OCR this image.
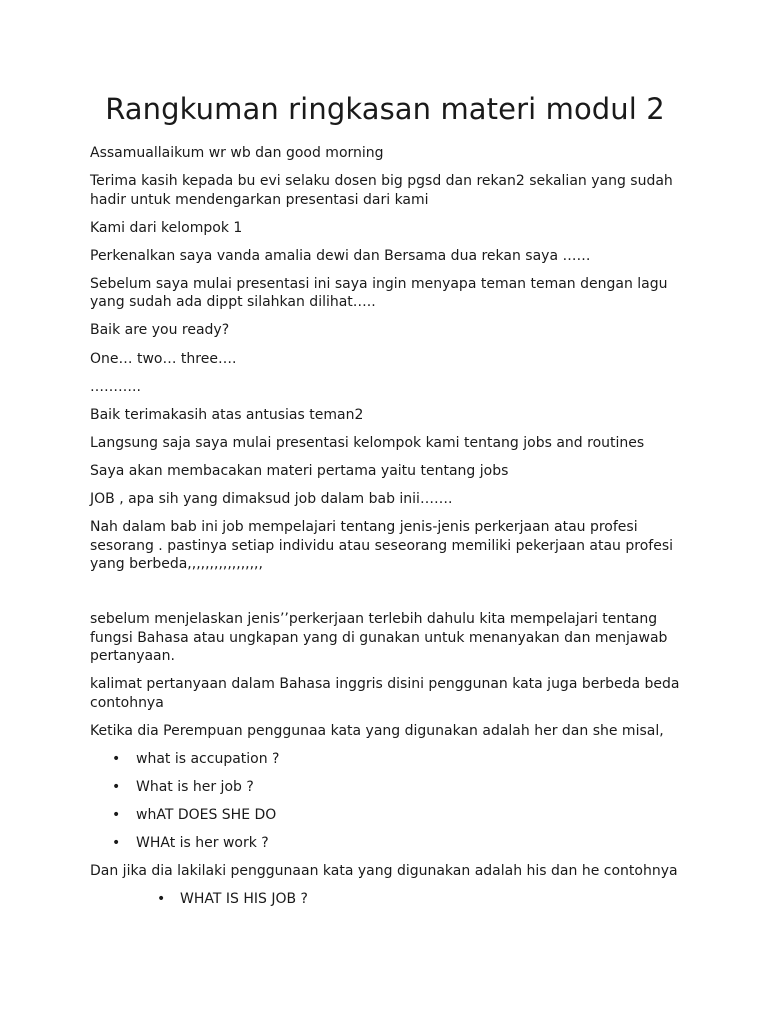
Rangkuman ringkasan materi modul 2

Assamuallaikum wr wb dan good morning

Terima kasih kepada bu evi selaku dosen big pgsd dan rekan2 sekalian yang sudah hadir untuk mendengarkan presentasi dari kami

Kami dari kelompok 1

Perkenalkan saya vanda amalia dewi dan Bersama dua rekan saya ……

Sebelum saya mulai presentasi ini saya ingin menyapa teman teman dengan lagu yang sudah ada dippt silahkan dilihat…..

Baik are you ready?

One… two… three….

………..

Baik terimakasih atas antusias teman2

Langsung saja saya mulai presentasi kelompok kami tentang jobs and routines

Saya akan membacakan materi pertama yaitu tentang jobs

JOB , apa sih yang dimaksud job dalam bab inii…….

Nah dalam bab ini job mempelajari tentang jenis-jenis perkerjaan atau profesi sesorang . pastinya setiap individu atau seseorang memiliki pekerjaan atau profesi yang berbeda,,,,,,,,,,,,,,,,,

sebelum menjelaskan jenis’’perkerjaan terlebih dahulu kita mempelajari tentang fungsi Bahasa atau ungkapan yang di gunakan untuk menanyakan dan menjawab pertanyaan.

kalimat pertanyaan dalam Bahasa inggris disini penggunan kata juga berbeda beda contohnya

Ketika dia Perempuan penggunaa kata yang digunakan adalah her dan she misal,

• what is accupation ?
• What is her job ?
• whAT DOES SHE DO
• WHAt is her work ?

Dan jika dia lakilaki penggunaan kata yang digunakan adalah his dan he contohnya

• WHAT IS HIS JOB ?
